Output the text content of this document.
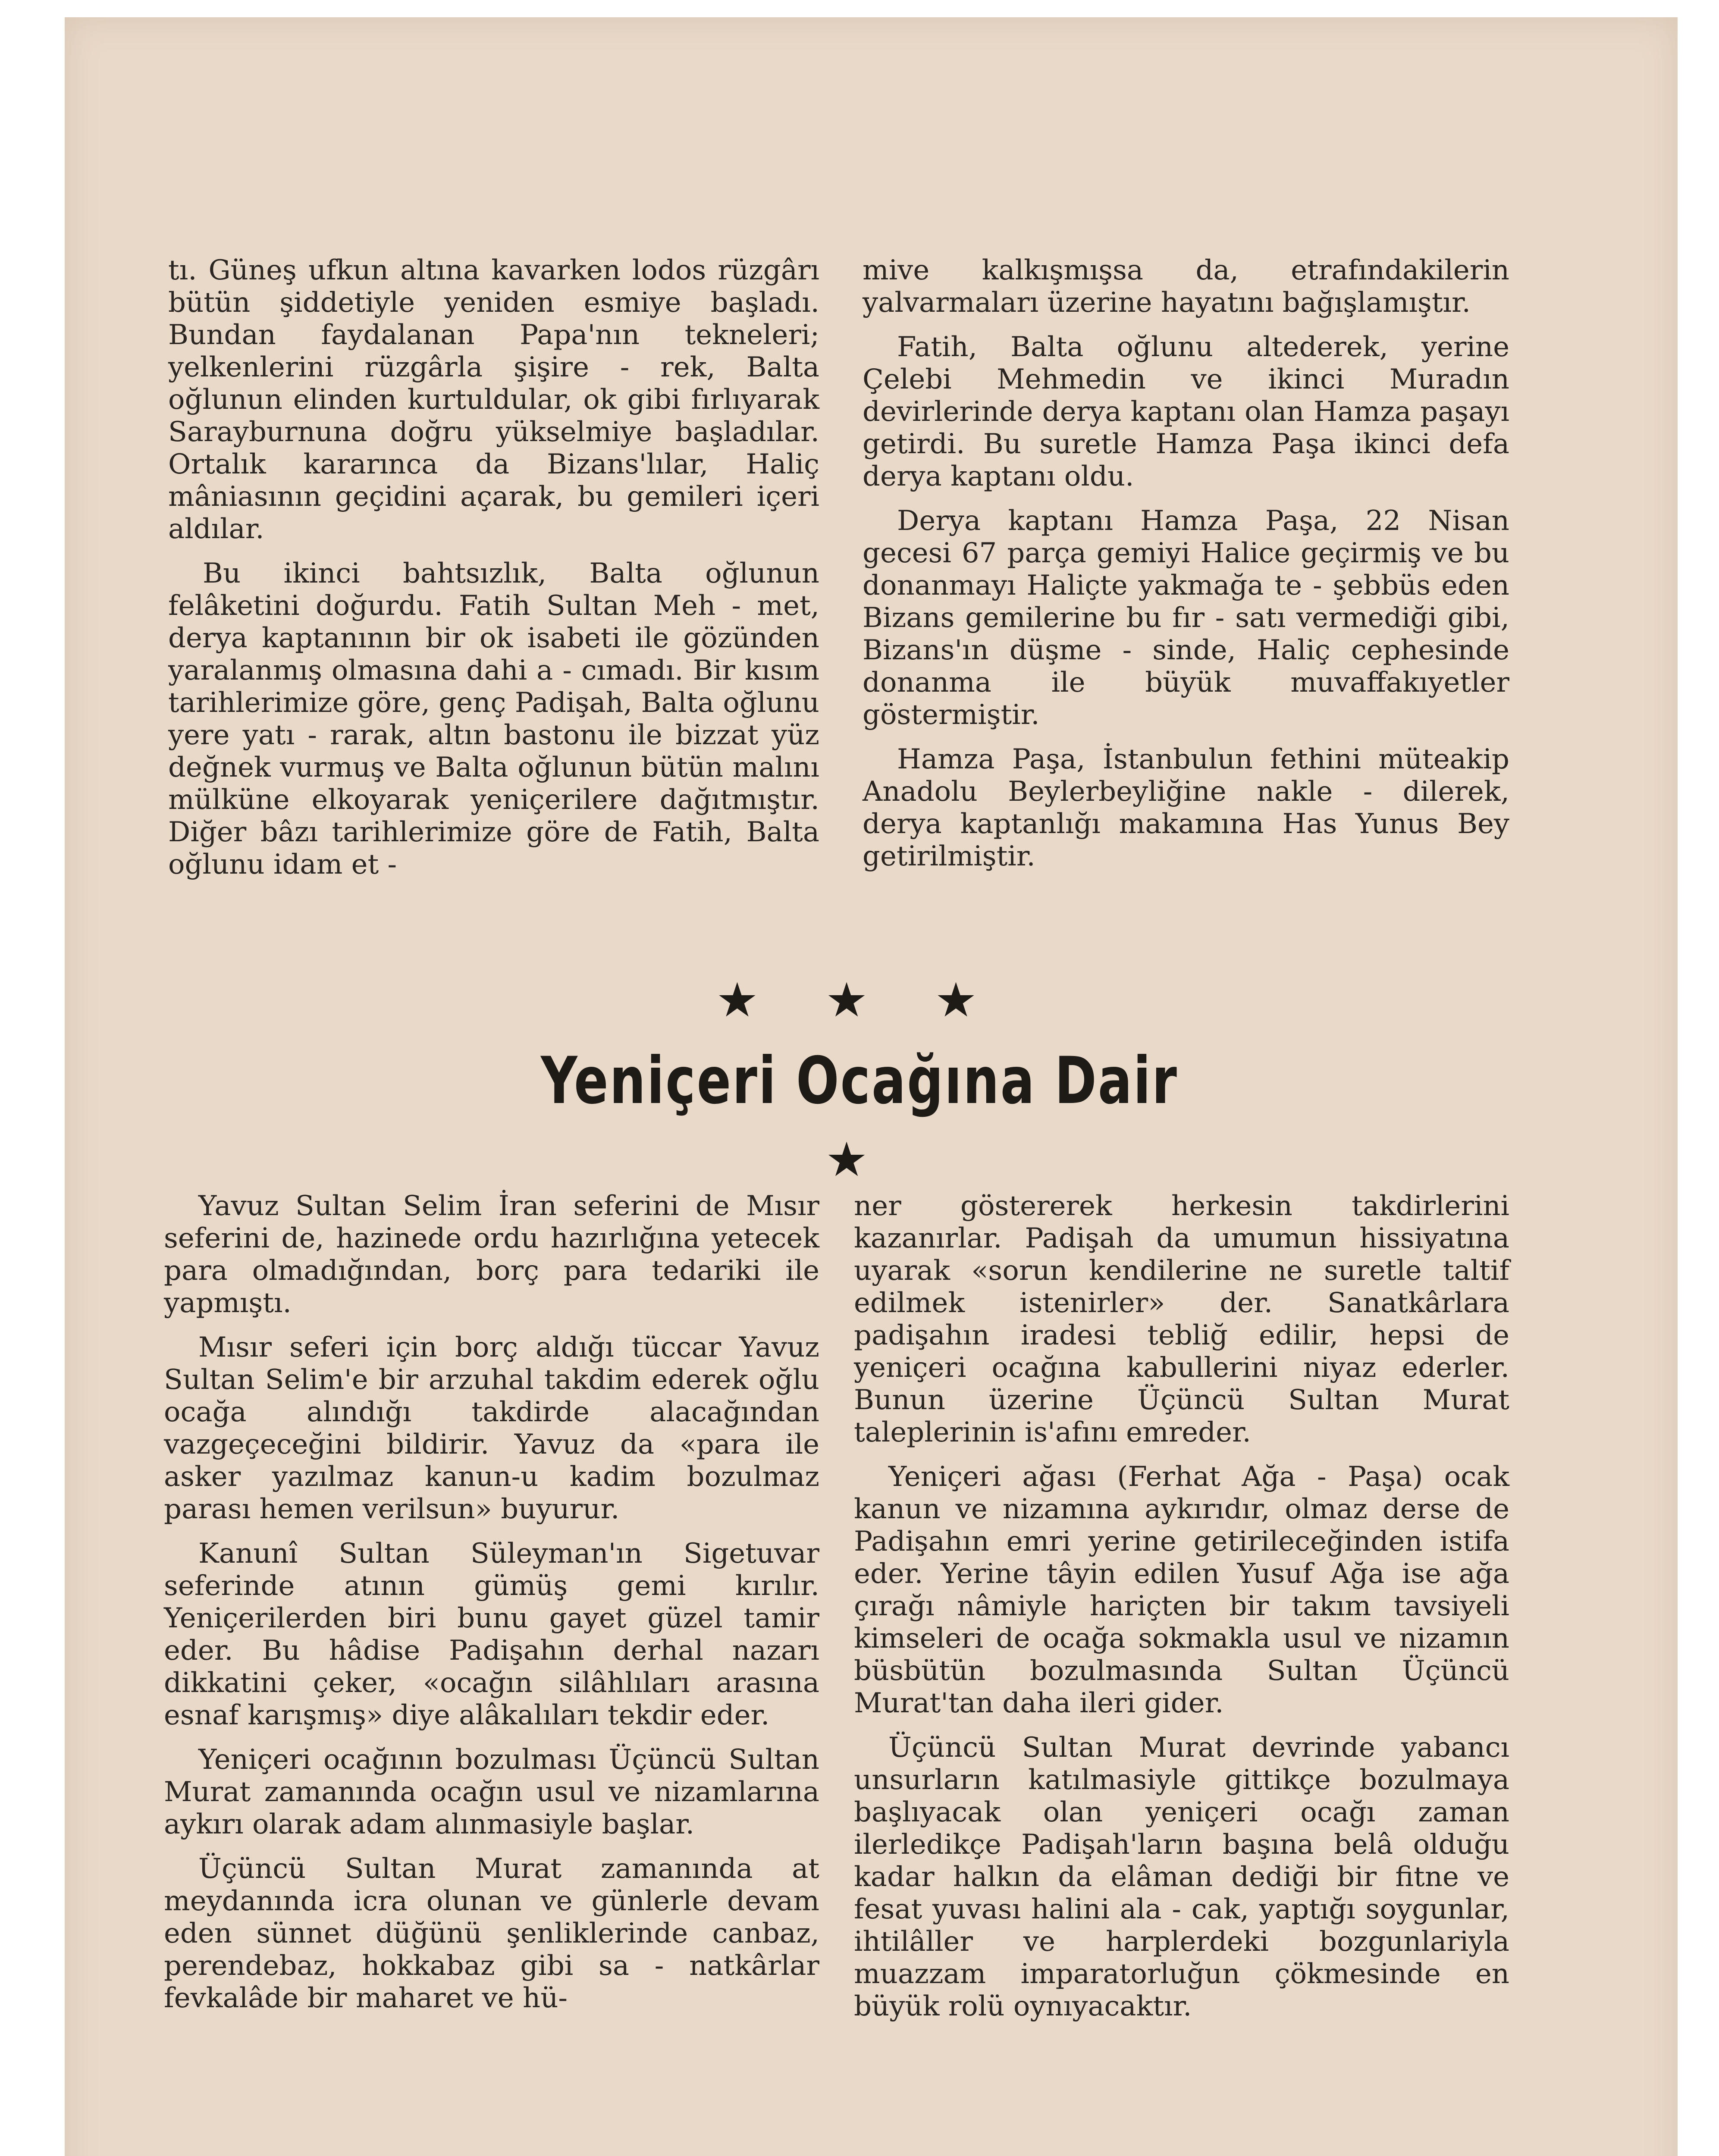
tı. Güneş ufkun altına kavarken lodos rüzgârı bütün şiddetiyle yeniden esmiye başladı. Bundan faydalanan Papa'nın tekneleri; yelkenlerini rüzgârla şişire - rek, Balta oğlunun elinden kurtuldular, ok gibi fırlıyarak Sarayburnuna doğru yükselmiye başladılar. Ortalık kararınca da Bizans'lılar, Haliç mâniasının geçidini açarak, bu gemileri içeri aldılar.

Bu ikinci bahtsızlık, Balta oğlunun felâketini doğurdu. Fatih Sultan Meh - met, derya kaptanının bir ok isabeti ile gözünden yaralanmış olmasına dahi a - cımadı. Bir kısım tarihlerimize göre, genç Padişah, Balta oğlunu yere yatı - rarak, altın bastonu ile bizzat yüz değnek vurmuş ve Balta oğlunun bütün malını mülküne elkoyarak yeniçerilere dağıtmıştır. Diğer bâzı tarihlerimize göre de Fatih, Balta oğlunu idam et -

mive kalkışmışsa da, etrafındakilerin yalvarmaları üzerine hayatını bağışlamıştır.

Fatih, Balta oğlunu altederek, yerine Çelebi Mehmedin ve ikinci Muradın devirlerinde derya kaptanı olan Hamza paşayı getirdi. Bu suretle Hamza Paşa ikinci defa derya kaptanı oldu.

Derya kaptanı Hamza Paşa, 22 Nisan gecesi 67 parça gemiyi Halice geçirmiş ve bu donanmayı Haliçte yakmağa te - şebbüs eden Bizans gemilerine bu fır - satı vermediği gibi, Bizans'ın düşme - sinde, Haliç cephesinde donanma ile büyük muvaffakıyetler göstermiştir.

Hamza Paşa, İstanbulun fethini müteakip Anadolu Beylerbeyliğine nakle - dilerek, derya kaptanlığı makamına Has Yunus Bey getirilmiştir.

★ ★ ★
Yeniçeri Ocağına Dair
★

Yavuz Sultan Selim İran seferini de Mısır seferini de, hazinede ordu hazırlığına yetecek para olmadığından, borç para tedariki ile yapmıştı.

Mısır seferi için borç aldığı tüccar Yavuz Sultan Selim'e bir arzuhal takdim ederek oğlu ocağa alındığı takdirde alacağından vazgeçeceğini bildirir. Yavuz da «para ile asker yazılmaz kanun-u kadim bozulmaz parası hemen verilsun» buyurur.

Kanunî Sultan Süleyman'ın Sigetuvar seferinde atının gümüş gemi kırılır. Yeniçerilerden biri bunu gayet güzel tamir eder. Bu hâdise Padişahın derhal nazarı dikkatini çeker, «ocağın silâhlıları arasına esnaf karışmış» diye alâkalıları tekdir eder.

Yeniçeri ocağının bozulması Üçüncü Sultan Murat zamanında ocağın usul ve nizamlarına aykırı olarak adam alınmasiyle başlar.

Üçüncü Sultan Murat zamanında at meydanında icra olunan ve günlerle devam eden sünnet düğünü şenliklerinde canbaz, perendebaz, hokkabaz gibi sa - natkârlar fevkalâde bir maharet ve hü-

ner göstererek herkesin takdirlerini kazanırlar. Padişah da umumun hissiyatına uyarak «sorun kendilerine ne suretle taltif edilmek istenirler» der. Sanatkârlara padişahın iradesi tebliğ edilir, hepsi de yeniçeri ocağına kabullerini niyaz ederler. Bunun üzerine Üçüncü Sultan Murat taleplerinin is'afını emreder.

Yeniçeri ağası (Ferhat Ağa - Paşa) ocak kanun ve nizamına aykırıdır, olmaz derse de Padişahın emri yerine getirileceğinden istifa eder. Yerine tâyin edilen Yusuf Ağa ise ağa çırağı nâmiyle hariçten bir takım tavsiyeli kimseleri de ocağa sokmakla usul ve nizamın büsbütün bozulmasında Sultan Üçüncü Murat'tan daha ileri gider.

Üçüncü Sultan Murat devrinde yabancı unsurların katılmasiyle gittikçe bozulmaya başlıyacak olan yeniçeri ocağı zaman ilerledikçe Padişah'ların başına belâ olduğu kadar halkın da elâman dediği bir fitne ve fesat yuvası halini ala - cak, yaptığı soygunlar, ihtilâller ve harplerdeki bozgunlariyla muazzam imparatorluğun çökmesinde en büyük rolü oynıyacaktır.
